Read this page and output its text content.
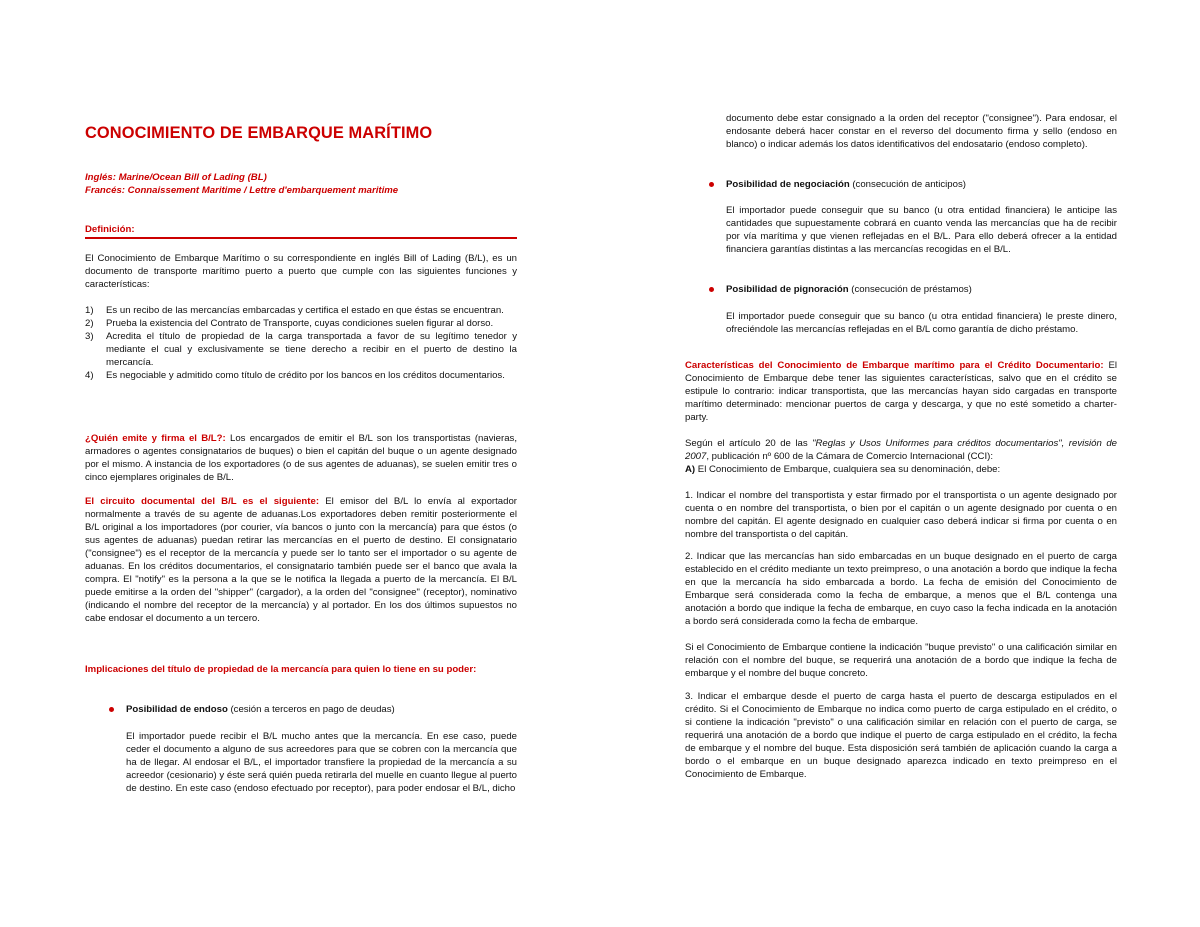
CONOCIMIENTO DE EMBARQUE MARÍTIMO
Inglés: Marine/Ocean Bill of Lading (BL)
Francés: Connaissement Maritime / Lettre d'embarquement maritime
Definición:

El Conocimiento de Embarque Marítimo o su correspondiente en inglés Bill of Lading (B/L), es un documento de transporte marítimo puerto a puerto que cumple con las siguientes funciones y características:

1) Es un recibo de las mercancías embarcadas y certifica el estado en que éstas se encuentran.
2) Prueba la existencia del Contrato de Transporte, cuyas condiciones suelen figurar al dorso.
3) Acredita el título de propiedad de la carga transportada a favor de su legítimo tenedor y mediante el cual y exclusivamente se tiene derecho a recibir en el puerto de destino la mercancía.
4) Es negociable y admitido como título de crédito por los bancos en los créditos documentarios.

¿Quién emite y firma el B/L?: Los encargados de emitir el B/L son los transportistas (navieras, armadores o agentes consignatarios de buques) o bien el capitán del buque o un agente designado por el mismo. A instancia de los exportadores (o de sus agentes de aduanas), se suelen emitir tres o cinco ejemplares originales de B/L.

El circuito documental del B/L es el siguiente: El emisor del B/L lo envía al exportador normalmente a través de su agente de aduanas.Los exportadores deben remitir posteriormente el B/L original a los importadores (por courier, vía bancos o junto con la mercancía) para que éstos (o sus agentes de aduanas) puedan retirar las mercancías en el puerto de destino. El consignatario ("consignee") es el receptor de la mercancía y puede ser lo tanto ser el importador o su agente de aduanas. En los créditos documentarios, el consignatario también puede ser el banco que avala la compra. El "notify" es la persona a la que se le notifica la llegada a puerto de la mercancía. El B/L puede emitirse a la orden del "shipper" (cargador), a la orden del "consignee" (receptor), nominativo (indicando el nombre del receptor de la mercancía) y al portador. En los dos últimos supuestos no cabe endosar el documento a un tercero.

Implicaciones del título de propiedad de la mercancía para quien lo tiene en su poder:

Posibilidad de endoso (cesión a terceros en pago de deudas)

El importador puede recibir el B/L mucho antes que la mercancía. En ese caso, puede ceder el documento a alguno de sus acreedores para que se cobren con la mercancía que ha de llegar. Al endosar el B/L, el importador transfiere la propiedad de la mercancía a su acreedor (cesionario) y éste será quién pueda retirarla del muelle en cuanto llegue al puerto de destino. En este caso (endoso efectuado por receptor), para poder endosar el B/L, dicho

documento debe estar consignado a la orden del receptor ("consignee"). Para endosar, el endosante deberá hacer constar en el reverso del documento firma y sello (endoso en blanco) o indicar además los datos identificativos del endosatario (endoso completo).

Posibilidad de negociación (consecución de anticipos)

El importador puede conseguir que su banco (u otra entidad financiera) le anticipe las cantidades que supuestamente cobrará en cuanto venda las mercancías que ha de recibir por vía marítima y que vienen reflejadas en el B/L. Para ello deberá ofrecer a la entidad financiera garantías distintas a las mercancías recogidas en el B/L.

Posibilidad de pignoración (consecución de préstamos)

El importador puede conseguir que su banco (u otra entidad financiera) le preste dinero, ofreciéndole las mercancías reflejadas en el B/L como garantía de dicho préstamo.

Características del Conocimiento de Embarque marítimo para el Crédito Documentario: El Conocimiento de Embarque debe tener las siguientes características, salvo que en el crédito se estipule lo contrario: indicar transportista, que las mercancías hayan sido cargadas en transporte marítimo determinado: mencionar puertos de carga y descarga, y que no esté sometido a charter-party.

Según el artículo 20 de las "Reglas y Usos Uniformes para créditos documentarios", revisión de 2007, publicación nº 600 de la Cámara de Comercio Internacional (CCI):

A) El Conocimiento de Embarque, cualquiera sea su denominación, debe:

1. Indicar el nombre del transportista y estar firmado por el transportista o un agente designado por cuenta o en nombre del transportista, o bien por el capitán o un agente designado por cuenta o en nombre del capitán. El agente designado en cualquier caso deberá indicar si firma por cuenta o en nombre del transportista o del capitán.

2. Indicar que las mercancías han sido embarcadas en un buque designado en el puerto de carga establecido en el crédito mediante un texto preimpreso, o una anotación a bordo que indique la fecha en que la mercancía ha sido embarcada a bordo. La fecha de emisión del Conocimiento de Embarque será considerada como la fecha de embarque, a menos que el B/L contenga una anotación a bordo que indique la fecha de embarque, en cuyo caso la fecha indicada en la anotación a bordo será considerada como la fecha de embarque.

Si el Conocimiento de Embarque contiene la indicación "buque previsto" o una calificación similar en relación con el nombre del buque, se requerirá una anotación de a bordo que indique la fecha de embarque y el nombre del buque concreto.

3. Indicar el embarque desde el puerto de carga hasta el puerto de descarga estipulados en el crédito. Si el Conocimiento de Embarque no indica como puerto de carga estipulado en el crédito, o si contiene la indicación "previsto" o una calificación similar en relación con el puerto de carga, se requerirá una anotación de a bordo que indique el puerto de carga estipulado en el crédito, la fecha de embarque y el nombre del buque. Esta disposición será también de aplicación cuando la carga a bordo o el embarque en un buque designado aparezca indicado en texto preimpreso en el Conocimiento de Embarque.
